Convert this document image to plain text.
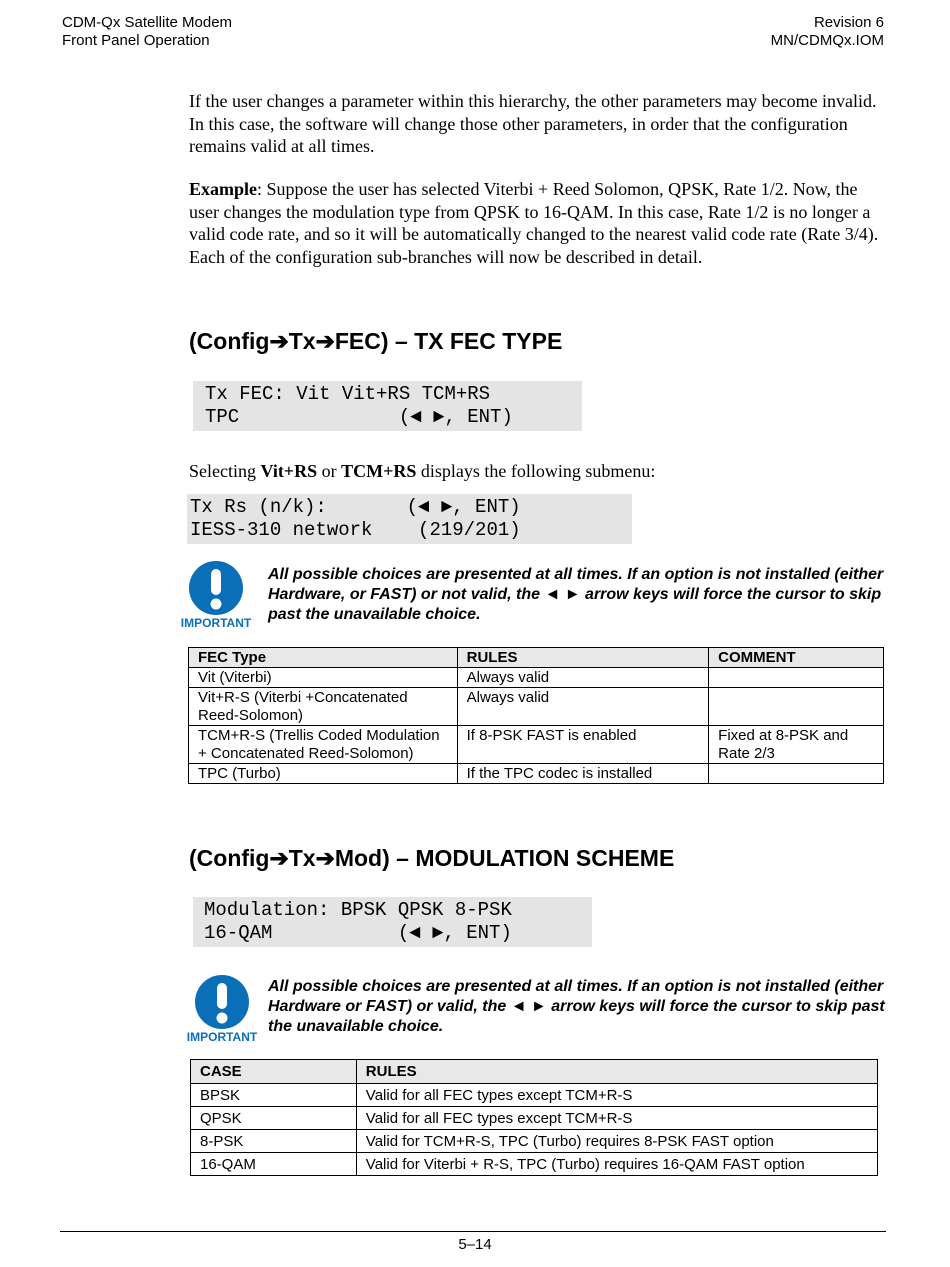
CDM-Qx Satellite Modem
Front Panel Operation
Revision 6
MN/CDMQx.IOM
If the user changes a parameter within this hierarchy, the other parameters may become invalid. In this case, the software will change those other parameters, in order that the configuration remains valid at all times.
Example: Suppose the user has selected Viterbi + Reed Solomon, QPSK, Rate 1/2. Now, the user changes the modulation type from QPSK to 16-QAM. In this case, Rate 1/2 is no longer a valid code rate, and so it will be automatically changed to the nearest valid code rate (Rate 3/4). Each of the configuration sub-branches will now be described in detail.
(Config➔Tx➔FEC) – TX FEC TYPE
Tx FEC: Vit Vit+RS TCM+RS
TPC              (◄ ►, ENT)
Selecting Vit+RS or TCM+RS displays the following submenu:
Tx Rs (n/k):       (◄ ►, ENT)
IESS-310 network    (219/201)
IMPORTANT
All possible choices are presented at all times. If an option is not installed (either Hardware, or FAST) or not valid, the ◄ ► arrow keys will force the cursor to skip past the unavailable choice.
FEC Type	RULES	COMMENT
Vit (Viterbi)	Always valid	
Vit+R-S (Viterbi +Concatenated Reed-Solomon)	Always valid	
TCM+R-S (Trellis Coded Modulation + Concatenated Reed-Solomon)	If 8-PSK FAST is enabled	Fixed at 8-PSK and Rate 2/3
TPC (Turbo)	If the TPC codec is installed	
(Config➔Tx➔Mod) – MODULATION SCHEME
Modulation: BPSK QPSK 8-PSK
16-QAM           (◄ ►, ENT)
IMPORTANT
All possible choices are presented at all times. If an option is not installed (either Hardware or FAST) or valid, the ◄ ► arrow keys will force the cursor to skip past the unavailable choice.
CASE	RULES
BPSK	Valid for all FEC types except TCM+R-S
QPSK	Valid for all FEC types except TCM+R-S
8-PSK	Valid for TCM+R-S, TPC (Turbo) requires 8-PSK FAST option
16-QAM	Valid for Viterbi + R-S, TPC (Turbo) requires 16-QAM FAST option
5–14
